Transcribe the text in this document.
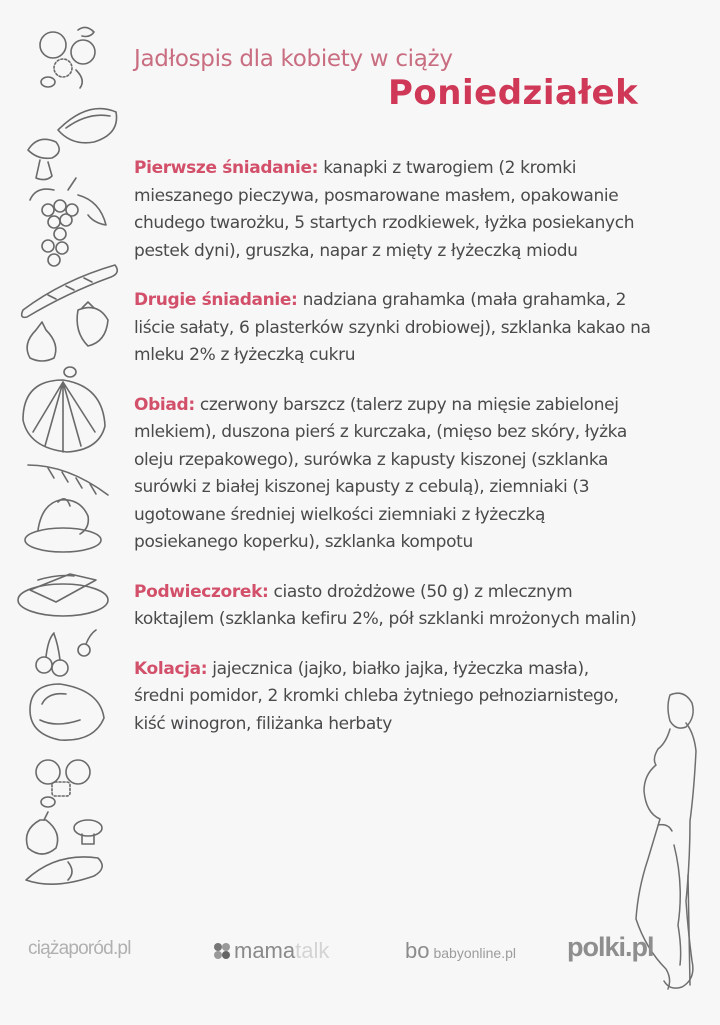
Jadłospis dla kobiety w ciąży
Poniedziałek

Pierwsze śniadanie: kanapki z twarogiem (2 kromki mieszanego pieczywa, posmarowane masłem, opakowanie chudego twarożku, 5 startych rzodkiewek, łyżka posiekanych pestek dyni), gruszka, napar z mięty z łyżeczką miodu

Drugie śniadanie: nadziana grahamka (mała grahamka, 2 liście sałaty, 6 plasterków szynki drobiowej), szklanka kakao na mleku 2% z łyżeczką cukru

Obiad: czerwony barszcz (talerz zupy na mięsie zabielonej mlekiem), duszona pierś z kurczaka, (mięso bez skóry, łyżka oleju rzepakowego), surówka z kapusty kiszonej (szklanka surówki z białej kiszonej kapusty z cebulą), ziemniaki (3 ugotowane średniej wielkości ziemniaki z łyżeczką posiekanego koperku), szklanka kompotu

Podwieczorek: ciasto drożdżowe (50 g) z mlecznym koktajlem (szklanka kefiru 2%, pół szklanki mrożonych malin)

Kolacja: jajecznica (jajko, białko jajka, łyżeczka masła), średni pomidor, 2 kromki chleba żytniego pełnoziarnistego, kiść winogron, filiżanka herbaty

ciążaporód.pl	mamatalk	bo babyonline.pl polki.pl
